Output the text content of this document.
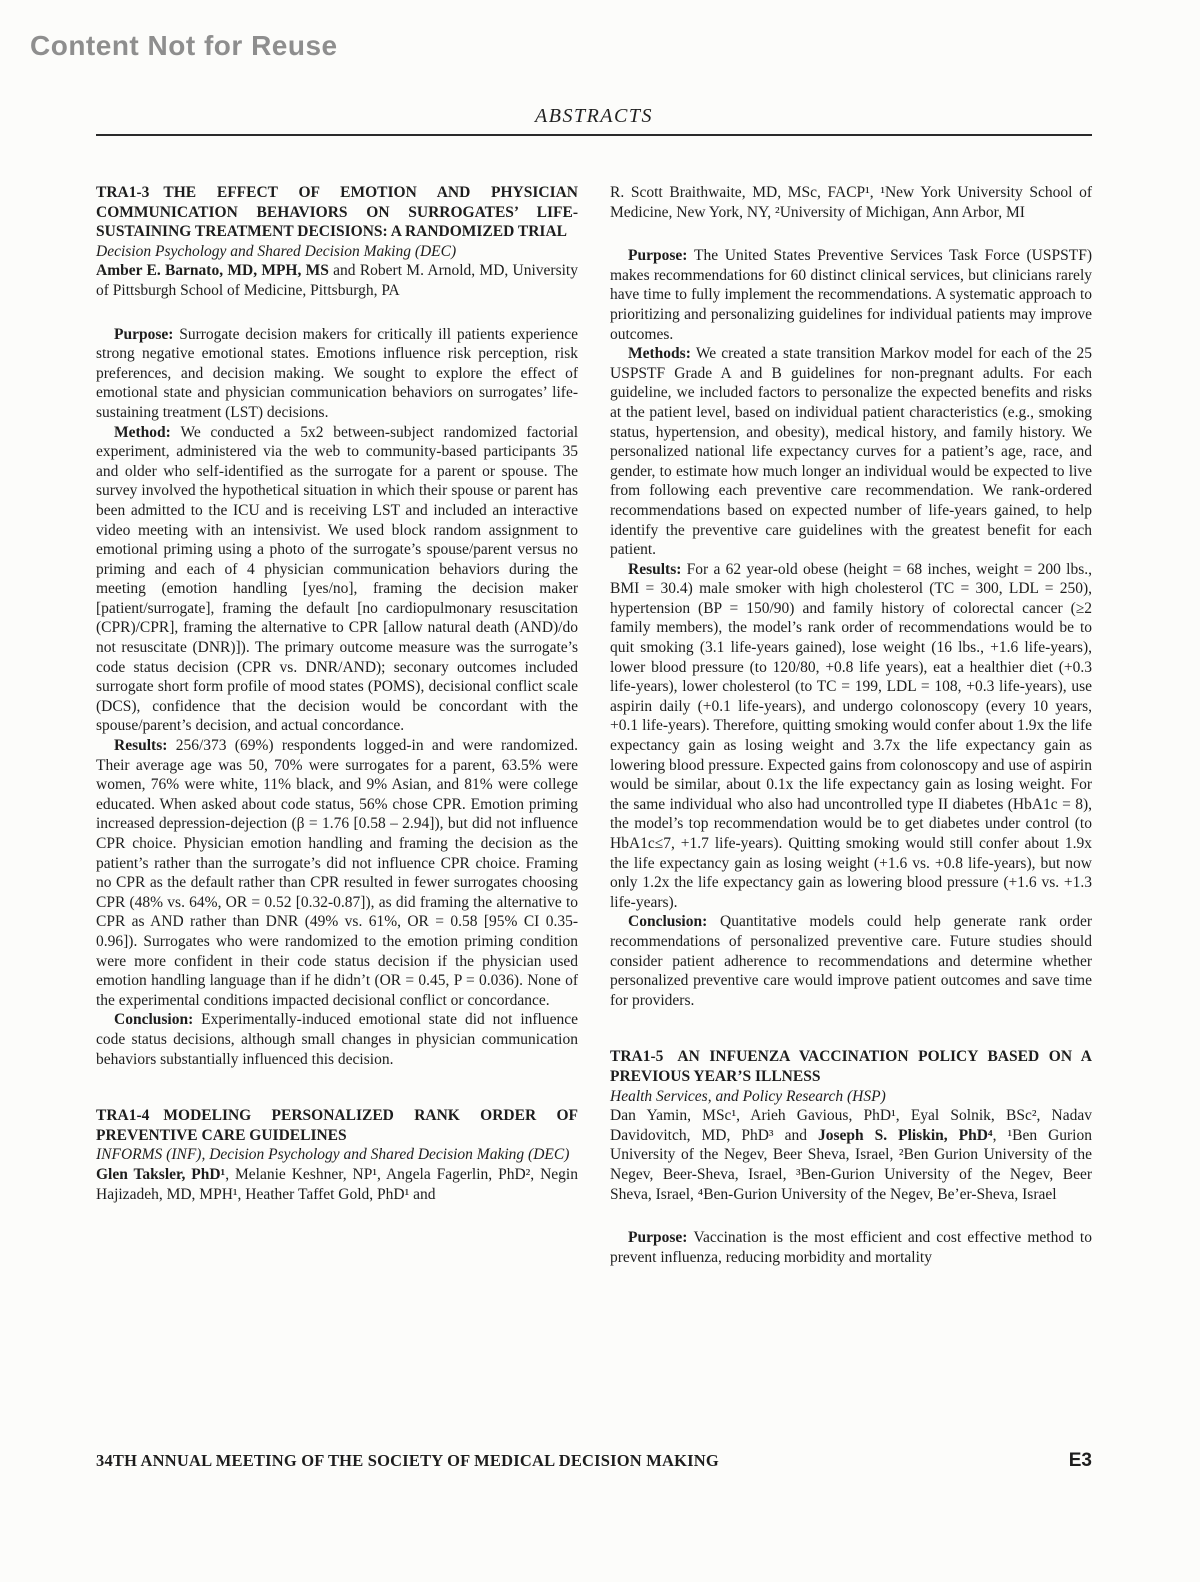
Content Not for Reuse
ABSTRACTS

TRA1-3 THE EFFECT OF EMOTION AND PHYSICIAN COMMUNICATION BEHAVIORS ON SURROGATES’ LIFE-SUSTAINING TREATMENT DECISIONS: A RANDOMIZED TRIAL

Decision Psychology and Shared Decision Making (DEC)

Amber E. Barnato, MD, MPH, MS and Robert M. Arnold, MD, University of Pittsburgh School of Medicine, Pittsburgh, PA

Purpose: Surrogate decision makers for critically ill patients experience strong negative emotional states. Emotions influence risk perception, risk preferences, and decision making. We sought to explore the effect of emotional state and physician communication behaviors on surrogates’ life-sustaining treatment (LST) decisions.

Method: We conducted a 5x2 between-subject randomized factorial experiment, administered via the web to community-based participants 35 and older who self-identified as the surrogate for a parent or spouse. The survey involved the hypothetical situation in which their spouse or parent has been admitted to the ICU and is receiving LST and included an interactive video meeting with an intensivist. We used block random assignment to emotional priming using a photo of the surrogate’s spouse/parent versus no priming and each of 4 physician communication behaviors during the meeting (emotion handling [yes/no], framing the decision maker [patient/surrogate], framing the default [no cardiopulmonary resuscitation (CPR)/CPR], framing the alternative to CPR [allow natural death (AND)/do not resuscitate (DNR)]). The primary outcome measure was the surrogate’s code status decision (CPR vs. DNR/AND); seconary outcomes included surrogate short form profile of mood states (POMS), decisional conflict scale (DCS), confidence that the decision would be concordant with the spouse/parent’s decision, and actual concordance.

Results: 256/373 (69%) respondents logged-in and were randomized. Their average age was 50, 70% were surrogates for a parent, 63.5% were women, 76% were white, 11% black, and 9% Asian, and 81% were college educated. When asked about code status, 56% chose CPR. Emotion priming increased depression-dejection (β = 1.76 [0.58 – 2.94]), but did not influence CPR choice. Physician emotion handling and framing the decision as the patient’s rather than the surrogate’s did not influence CPR choice. Framing no CPR as the default rather than CPR resulted in fewer surrogates choosing CPR (48% vs. 64%, OR = 0.52 [0.32-0.87]), as did framing the alternative to CPR as AND rather than DNR (49% vs. 61%, OR = 0.58 [95% CI 0.35-0.96]). Surrogates who were randomized to the emotion priming condition were more confident in their code status decision if the physician used emotion handling language than if he didn’t (OR = 0.45, P = 0.036). None of the experimental conditions impacted decisional conflict or concordance.

Conclusion: Experimentally-induced emotional state did not influence code status decisions, although small changes in physician communication behaviors substantially influenced this decision.

TRA1-4 MODELING PERSONALIZED RANK ORDER OF PREVENTIVE CARE GUIDELINES

INFORMS (INF), Decision Psychology and Shared Decision Making (DEC)

Glen Taksler, PhD¹, Melanie Keshner, NP¹, Angela Fagerlin, PhD², Negin Hajizadeh, MD, MPH¹, Heather Taffet Gold, PhD¹ and

R. Scott Braithwaite, MD, MSc, FACP¹, ¹New York University School of Medicine, New York, NY, ²University of Michigan, Ann Arbor, MI

Purpose: The United States Preventive Services Task Force (USPSTF) makes recommendations for 60 distinct clinical services, but clinicians rarely have time to fully implement the recommendations. A systematic approach to prioritizing and personalizing guidelines for individual patients may improve outcomes.

Methods: We created a state transition Markov model for each of the 25 USPSTF Grade A and B guidelines for non-pregnant adults. For each guideline, we included factors to personalize the expected benefits and risks at the patient level, based on individual patient characteristics (e.g., smoking status, hypertension, and obesity), medical history, and family history. We personalized national life expectancy curves for a patient’s age, race, and gender, to estimate how much longer an individual would be expected to live from following each preventive care recommendation. We rank-ordered recommendations based on expected number of life-years gained, to help identify the preventive care guidelines with the greatest benefit for each patient.

Results: For a 62 year-old obese (height = 68 inches, weight = 200 lbs., BMI = 30.4) male smoker with high cholesterol (TC = 300, LDL = 250), hypertension (BP = 150/90) and family history of colorectal cancer (≥2 family members), the model’s rank order of recommendations would be to quit smoking (3.1 life-years gained), lose weight (16 lbs., +1.6 life-years), lower blood pressure (to 120/80, +0.8 life years), eat a healthier diet (+0.3 life-years), lower cholesterol (to TC = 199, LDL = 108, +0.3 life-years), use aspirin daily (+0.1 life-years), and undergo colonoscopy (every 10 years, +0.1 life-years). Therefore, quitting smoking would confer about 1.9x the life expectancy gain as losing weight and 3.7x the life expectancy gain as lowering blood pressure. Expected gains from colonoscopy and use of aspirin would be similar, about 0.1x the life expectancy gain as losing weight. For the same individual who also had uncontrolled type II diabetes (HbA1c = 8), the model’s top recommendation would be to get diabetes under control (to HbA1c≤7, +1.7 life-years). Quitting smoking would still confer about 1.9x the life expectancy gain as losing weight (+1.6 vs. +0.8 life-years), but now only 1.2x the life expectancy gain as lowering blood pressure (+1.6 vs. +1.3 life-years).

Conclusion: Quantitative models could help generate rank order recommendations of personalized preventive care. Future studies should consider patient adherence to recommendations and determine whether personalized preventive care would improve patient outcomes and save time for providers.

TRA1-5 AN INFUENZA VACCINATION POLICY BASED ON A PREVIOUS YEAR’S ILLNESS

Health Services, and Policy Research (HSP)

Dan Yamin, MSc¹, Arieh Gavious, PhD¹, Eyal Solnik, BSc², Nadav Davidovitch, MD, PhD³ and Joseph S. Pliskin, PhD⁴, ¹Ben Gurion University of the Negev, Beer Sheva, Israel, ²Ben Gurion University of the Negev, Beer-Sheva, Israel, ³Ben-Gurion University of the Negev, Beer Sheva, Israel, ⁴Ben-Gurion University of the Negev, Be’er-Sheva, Israel

Purpose: Vaccination is the most efficient and cost effective method to prevent influenza, reducing morbidity and mortality

34TH ANNUAL MEETING OF THE SOCIETY OF MEDICAL DECISION MAKING	E3
